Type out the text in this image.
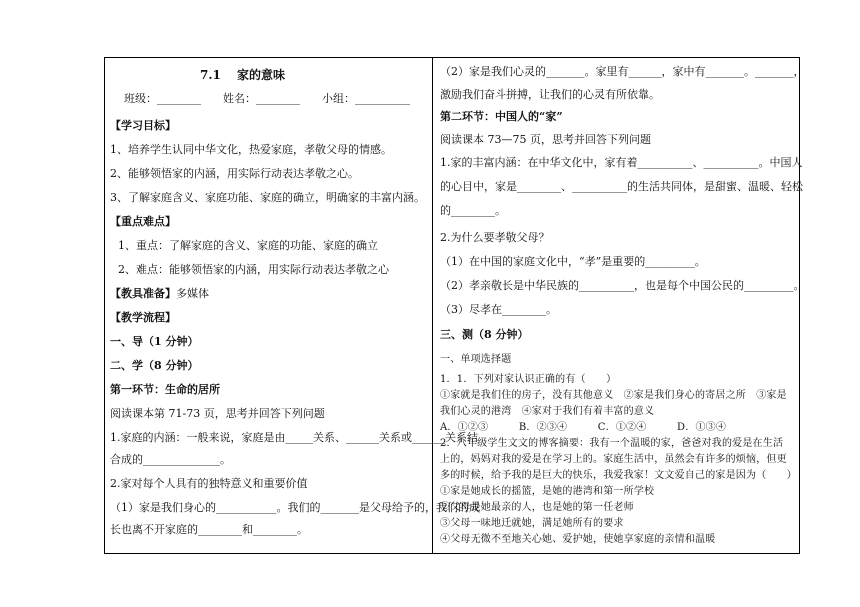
7.1　 家的意味
班级：________　　姓名：________　　小组：__________
【学习目标】
1、培养学生认同中华文化，热爱家庭，孝敬父母的情感。
2、能够领悟家的内涵，用实际行动表达孝敬之心。
3、了解家庭含义、家庭功能、家庭的确立，明确家的丰富内涵。
【重点难点】
1、重点：了解家庭的含义、家庭的功能、家庭的确立
2、难点：能够领悟家的内涵，用实际行动表达孝敬之心
【教具准备】多媒体
【教学流程】
一、导（1 分钟）
二、学（8 分钟）
第一环节：生命的居所
阅读课本第 71-73 页，思考并回答下列问题
1.家庭的内涵：一般来说，家庭是由_____关系、______关系或______关系结
合成的______________。
2.家对每个人具有的独特意义和重要价值
（1）家是我们身心的___________。我们的_______是父母给予的，我们的成
长也离不开家庭的________和________。
（2）家是我们心灵的_______。家里有______，家中有_______。_______，
激励我们奋斗拼搏，让我们的心灵有所依靠。
第二环节：中国人的“家”
阅读课本 73—75 页，思考并回答下列问题
1.家的丰富内涵：在中华文化中，家有着__________、__________。中国人
的心目中，家是________、__________的生活共同体，是甜蜜、温暖、轻松
的________。
2.为什么要孝敬父母？
（1）在中国的家庭文化中，“孝”是重要的_________。
（2）孝亲敬长是中华民族的__________，也是每个中国公民的_________。
（3）尽孝在________。
三、测（8 分钟）
一、单项选择题
1．1．下列对家认识正确的有（　　）
①家就是我们住的房子，没有其他意义　②家是我们身心的寄居之所　③家是
我们心灵的港湾　④家对于我们有着丰富的意义
A．①②③　　　B．②③④　　　C．①②④　　　D．①③④
2．八年级学生文文的博客摘要：我有一个温暖的家，爸爸对我的爱是在生活
上的，妈妈对我的爱是在学习上的。家庭生活中，虽然会有许多的烦恼，但更
多的时候，给予我的是巨大的快乐，我爱我家！文文爱自己的家是因为（　　）
①家是她成长的摇篮，是她的港湾和第一所学校
②父母是她最亲的人，也是她的第一任老师
③父母一味地迁就她，满足她所有的要求
④父母无微不至地关心她、爱护她，使她享家庭的亲情和温暖
